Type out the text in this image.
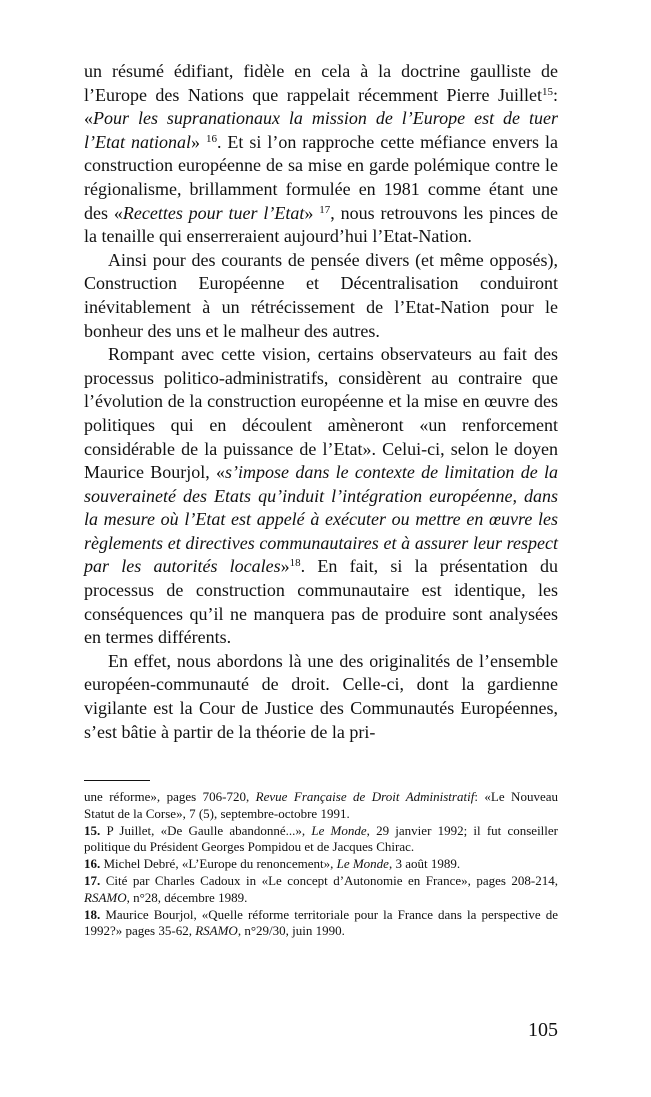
un résumé édifiant, fidèle en cela à la doctrine gaulliste de l’Europe des Nations que rappelait récemment Pierre Juillet$^{15}$: «Pour les supranationaux la mission de l’Europe est de tuer l’Etat national» $^{16}$. Et si l’on rapproche cette méfiance envers la construction européenne de sa mise en garde polémique contre le régionalisme, brillamment formulée en 1981 comme étant une des «Recettes pour tuer l’Etat» $^{17}$, nous retrouvons les pinces de la tenaille qui enserreraient aujourd’hui l’Etat-Nation.

Ainsi pour des courants de pensée divers (et même opposés), Construction Européenne et Décentralisation conduiront inévitablement à un rétrécissement de l’Etat-Nation pour le bonheur des uns et le malheur des autres.

Rompant avec cette vision, certains observateurs au fait des processus politico-administratifs, considèrent au contraire que l’évolution de la construction européenne et la mise en œuvre des politiques qui en découlent amèneront «un renforcement considérable de la puissance de l’Etat». Celui-ci, selon le doyen Maurice Bourjol, «s’impose dans le contexte de limitation de la souveraineté des Etats qu’induit l’intégration européenne, dans la mesure où l’Etat est appelé à exécuter ou mettre en œuvre les règlements et directives communautaires et à assurer leur respect par les autorités locales»$^{18}$. En fait, si la présentation du processus de construction communautaire est identique, les conséquences qu’il ne manquera pas de produire sont analysées en termes différents.

En effet, nous abordons là une des originalités de l’ensemble européen-communauté de droit. Celle-ci, dont la gardienne vigilante est la Cour de Justice des Communautés Européennes, s’est bâtie à partir de la théorie de la pri-

une réforme», pages 706-720, Revue Française de Droit Administratif: «Le Nouveau Statut de la Corse», 7 (5), septembre-octobre 1991.

15. P Juillet, «De Gaulle abandonné...», Le Monde, 29 janvier 1992; il fut conseiller politique du Président Georges Pompidou et de Jacques Chirac.

16. Michel Debré, «L’Europe du renoncement», Le Monde, 3 août 1989.

17. Cité par Charles Cadoux in «Le concept d’Autonomie en France», pages 208-214, RSAMO, n°28, décembre 1989.

18. Maurice Bourjol, «Quelle réforme territoriale pour la France dans la perspective de 1992?» pages 35-62, RSAMO, n°29/30, juin 1990.

105
